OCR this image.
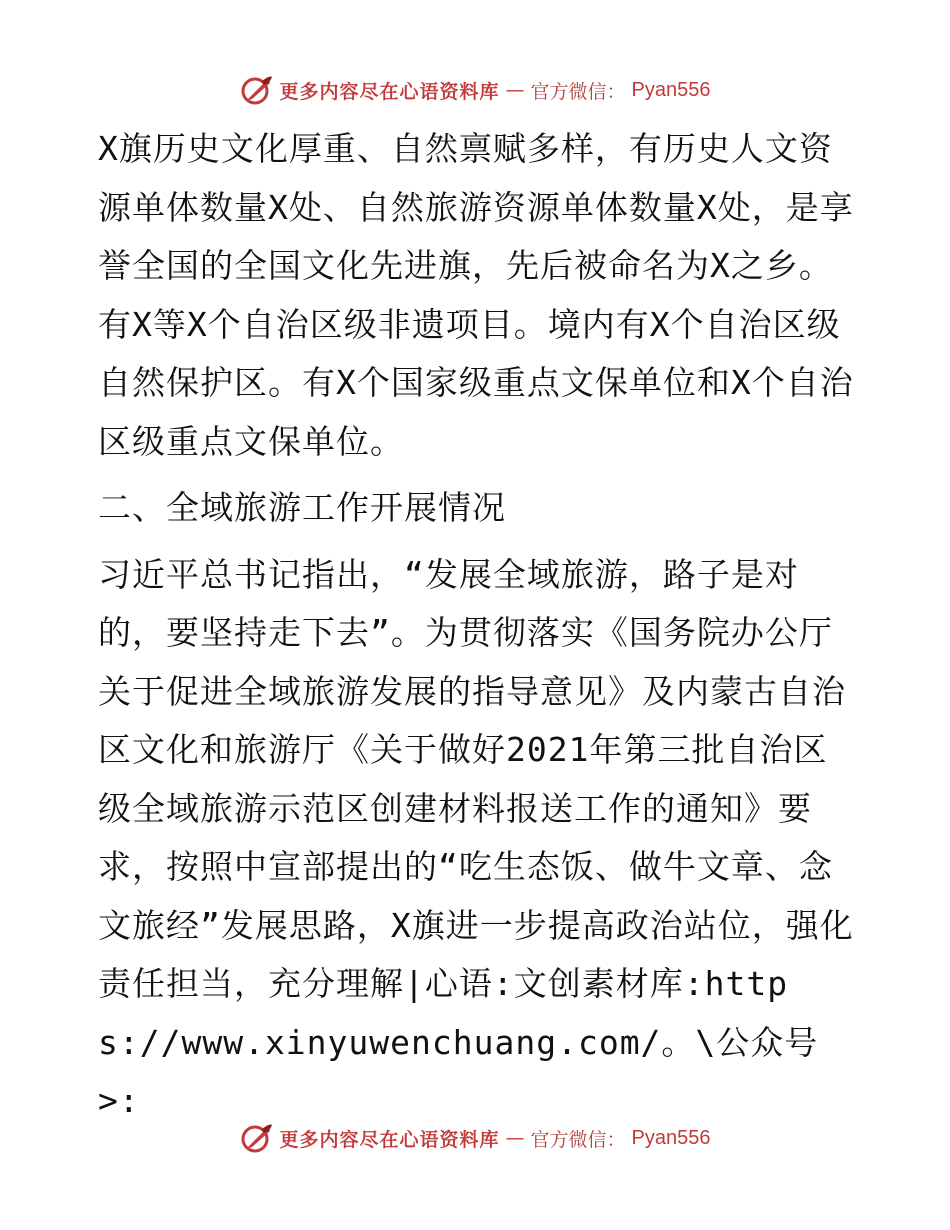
更多内容尽在心语资料库 — 官方微信： Pyan556

X旗历史文化厚重、自然禀赋多样，有历史人文资源单体数量X处、自然旅游资源单体数量X处，是享誉全国的全国文化先进旗，先后被命名为X之乡。有X等X个自治区级非遗项目。境内有X个自治区级自然保护区。有X个国家级重点文保单位和X个自治区级重点文保单位。

二、全域旅游工作开展情况

习近平总书记指出，“发展全域旅游，路子是对的，要坚持走下去”。为贯彻落实《国务院办公厅关于促进全域旅游发展的指导意见》及内蒙古自治区文化和旅游厅《关于做好2021年第三批自治区级全域旅游示范区创建材料报送工作的通知》要求，按照中宣部提出的“吃生态饭、做牛文章、念文旅经”发展思路，X旗进一步提高政治站位，强化责任担当，充分理解|心语:文创素材库:https://www.xinyuwenchuang.com/。\公众号>:

更多内容尽在心语资料库 — 官方微信： Pyan556
